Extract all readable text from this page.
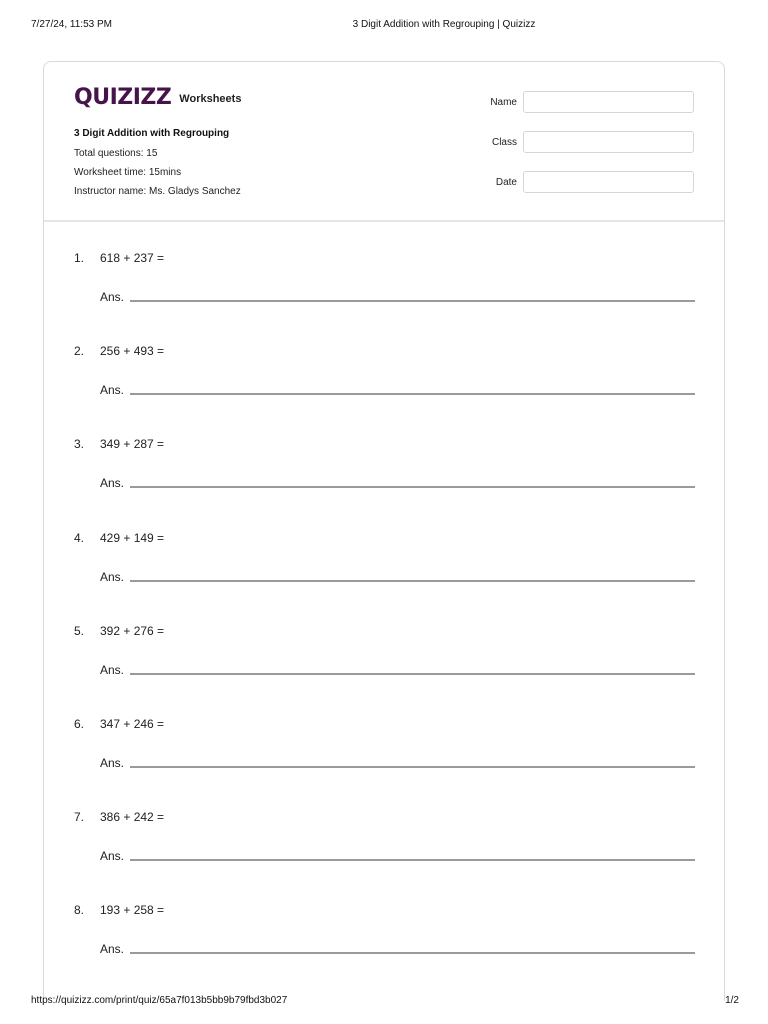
7/27/24, 11:53 PM	3 Digit Addition with Regrouping | Quizizz
QUIZIZZ Worksheets
3 Digit Addition with Regrouping
Total questions: 15
Worksheet time: 15mins
Instructor name: Ms. Gladys Sanchez
Name
Class
Date
1. 618 + 237 =
Ans.
2. 256 + 493 =
Ans.
3. 349 + 287 =
Ans.
4. 429 + 149 =
Ans.
5. 392 + 276 =
Ans.
6. 347 + 246 =
Ans.
7. 386 + 242 =
Ans.
8. 193 + 258 =
Ans.
https://quizizz.com/print/quiz/65a7f013b5bb9b79fbd3b027	1/2
